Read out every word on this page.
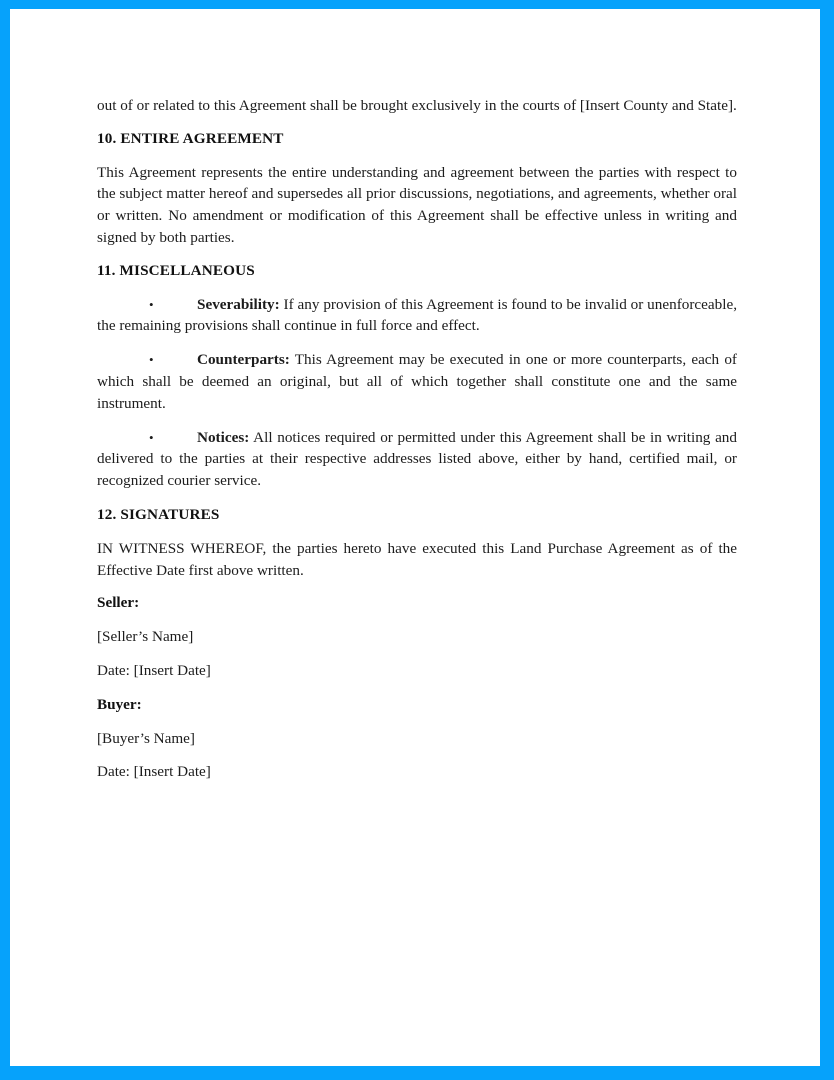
out of or related to this Agreement shall be brought exclusively in the courts of [Insert County and State].

10. ENTIRE AGREEMENT

This Agreement represents the entire understanding and agreement between the parties with respect to the subject matter hereof and supersedes all prior discussions, negotiations, and agreements, whether oral or written. No amendment or modification of this Agreement shall be effective unless in writing and signed by both parties.

11. MISCELLANEOUS

•	Severability: If any provision of this Agreement is found to be invalid or unenforceable, the remaining provisions shall continue in full force and effect.

•	Counterparts: This Agreement may be executed in one or more counterparts, each of which shall be deemed an original, but all of which together shall constitute one and the same instrument.

•	Notices: All notices required or permitted under this Agreement shall be in writing and delivered to the parties at their respective addresses listed above, either by hand, certified mail, or recognized courier service.

12. SIGNATURES

IN WITNESS WHEREOF, the parties hereto have executed this Land Purchase Agreement as of the Effective Date first above written.

Seller:

[Seller’s Name]

Date: [Insert Date]

Buyer:

[Buyer’s Name]

Date: [Insert Date]
